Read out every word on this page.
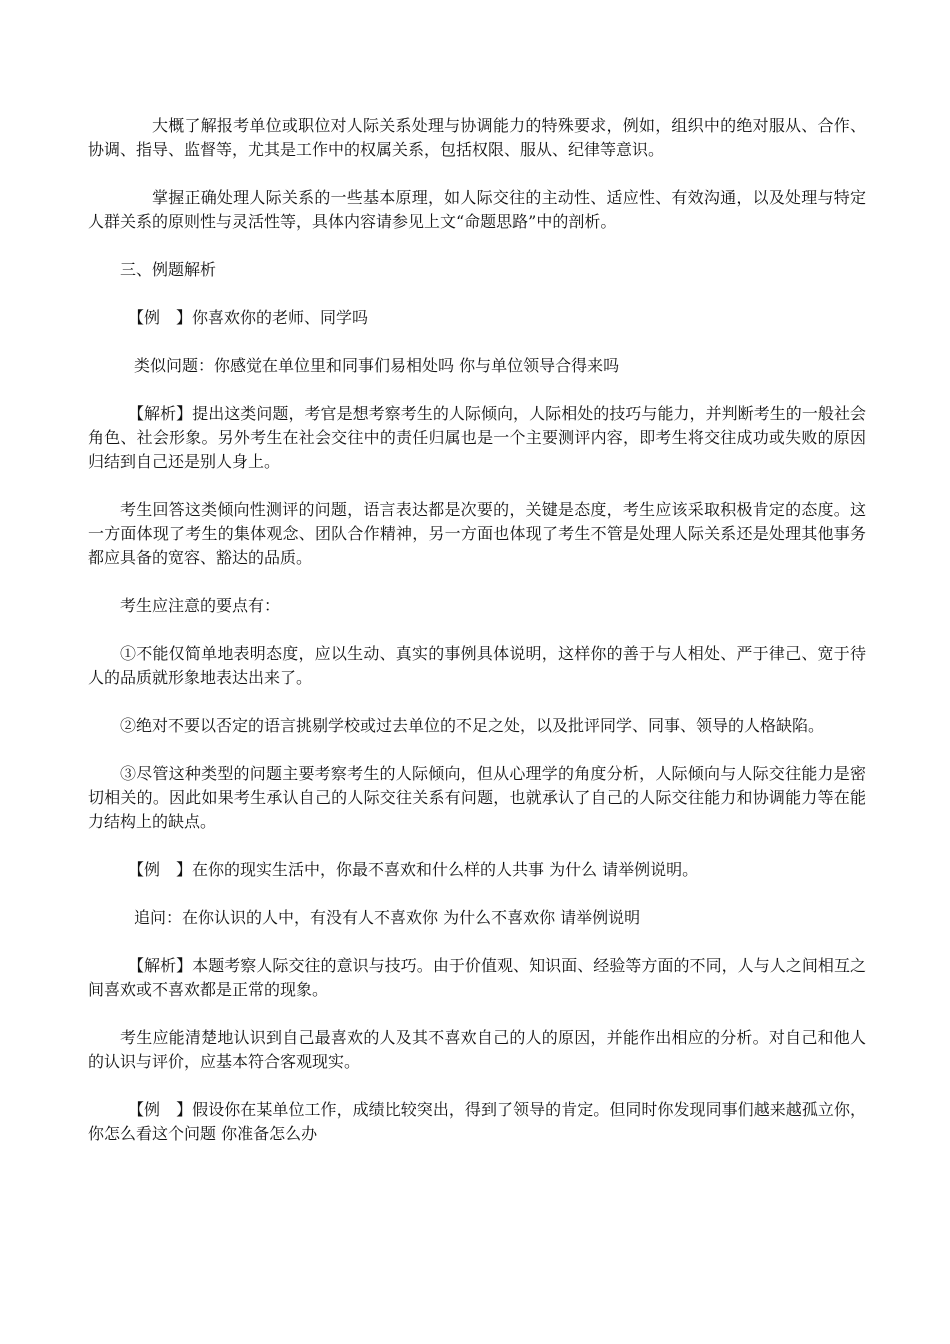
大概了解报考单位或职位对人际关系处理与协调能力的特殊要求，例如，组织中的绝对服从、合作、协调、指导、监督等，尤其是工作中的权属关系，包括权限、服从、纪律等意识。

掌握正确处理人际关系的一些基本原理，如人际交往的主动性、适应性、有效沟通，以及处理与特定人群关系的原则性与灵活性等，具体内容请参见上文“命题思路”中的剖析。

三、例题解析

【例　】你喜欢你的老师、同学吗

类似问题：你感觉在单位里和同事们易相处吗 你与单位领导合得来吗

【解析】提出这类问题，考官是想考察考生的人际倾向，人际相处的技巧与能力，并判断考生的一般社会角色、社会形象。另外考生在社会交往中的责任归属也是一个主要测评内容，即考生将交往成功或失败的原因归结到自己还是别人身上。

考生回答这类倾向性测评的问题，语言表达都是次要的，关键是态度，考生应该采取积极肯定的态度。这一方面体现了考生的集体观念、团队合作精神，另一方面也体现了考生不管是处理人际关系还是处理其他事务都应具备的宽容、豁达的品质。

考生应注意的要点有：

①不能仅简单地表明态度，应以生动、真实的事例具体说明，这样你的善于与人相处、严于律己、宽于待人的品质就形象地表达出来了。

②绝对不要以否定的语言挑剔学校或过去单位的不足之处，以及批评同学、同事、领导的人格缺陷。

③尽管这种类型的问题主要考察考生的人际倾向，但从心理学的角度分析，人际倾向与人际交往能力是密切相关的。因此如果考生承认自己的人际交往关系有问题，也就承认了自己的人际交往能力和协调能力等在能力结构上的缺点。

【例　】在你的现实生活中，你最不喜欢和什么样的人共事 为什么 请举例说明。

追问：在你认识的人中，有没有人不喜欢你 为什么不喜欢你 请举例说明

【解析】本题考察人际交往的意识与技巧。由于价值观、知识面、经验等方面的不同，人与人之间相互之间喜欢或不喜欢都是正常的现象。

考生应能清楚地认识到自己最喜欢的人及其不喜欢自己的人的原因，并能作出相应的分析。对自己和他人的认识与评价，应基本符合客观现实。

【例　】假设你在某单位工作，成绩比较突出，得到了领导的肯定。但同时你发现同事们越来越孤立你，你怎么看这个问题 你准备怎么办
